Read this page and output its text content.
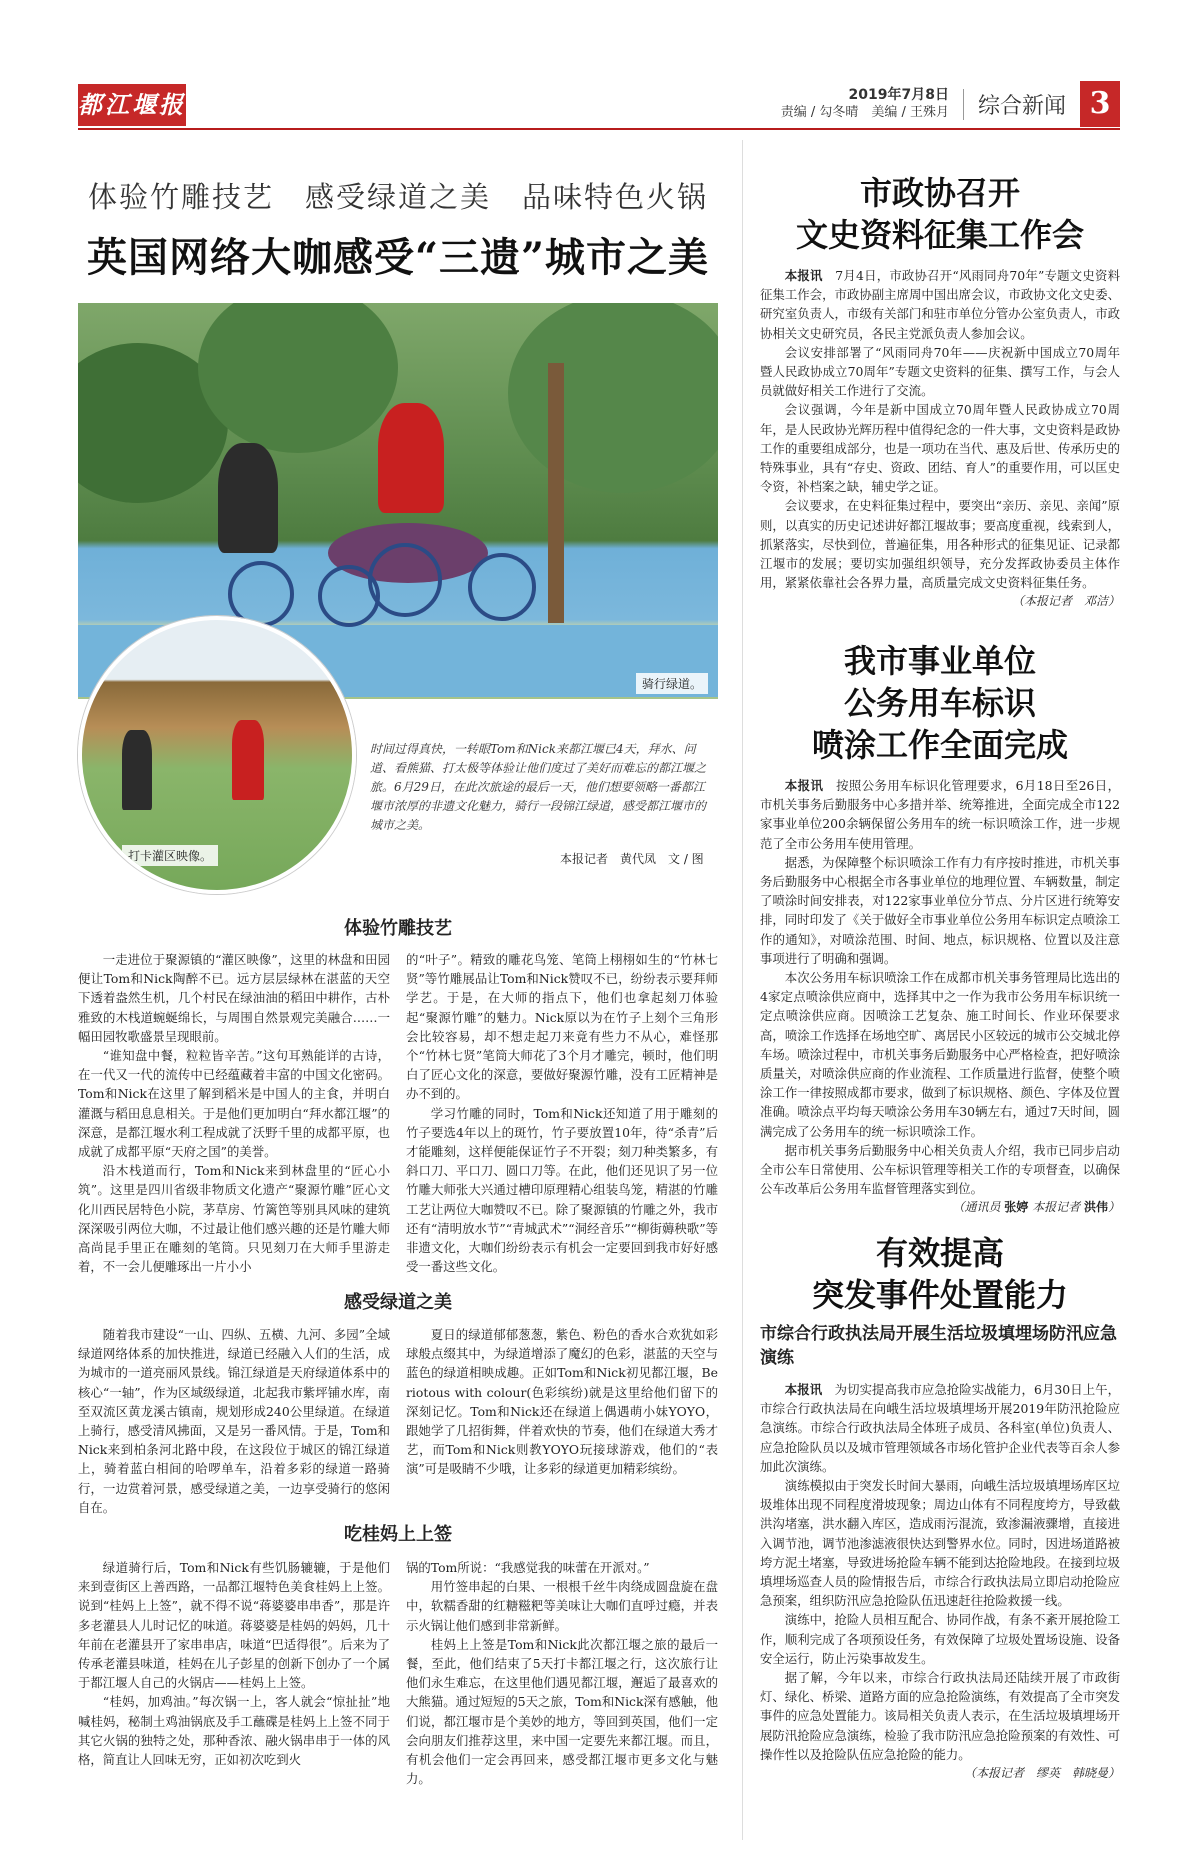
都江堰报	2019年7月8日
责编 / 勾冬晴　美编 / 王殊月	综合新闻 3
体验竹雕技艺　感受绿道之美　品味特色火锅
英国网络大咖感受“三遗”城市之美
骑行绿道。
打卡灌区映像。
时间过得真快，一转眼Tom和Nick来都江堰已4天，拜水、问道、看熊猫、打太极等体验让他们度过了美好而难忘的都江堰之旅。6月29日，在此次旅途的最后一天，他们想要领略一番都江堰市浓厚的非遗文化魅力，骑行一段锦江绿道，感受都江堰市的城市之美。
本报记者　黄代凤　文 / 图
体验竹雕技艺

一走进位于聚源镇的“灌区映像”，这里的林盘和田园便让Tom和Nick陶醉不已。远方层层绿林在湛蓝的天空下透着盎然生机，几个村民在绿油油的稻田中耕作，古朴雅致的木栈道蜿蜒绵长，与周围自然景观完美融合……一幅田园牧歌盛景呈现眼前。

“谁知盘中餐，粒粒皆辛苦。”这句耳熟能详的古诗，在一代又一代的流传中已经蕴藏着丰富的中国文化密码。Tom和Nick在这里了解到稻米是中国人的主食，并明白灌溉与稻田息息相关。于是他们更加明白“拜水都江堰”的深意，是都江堰水利工程成就了沃野千里的成都平原，也成就了成都平原“天府之国”的美誉。

沿木栈道而行，Tom和Nick来到林盘里的“匠心小筑”。这里是四川省级非物质文化遗产“聚源竹雕”匠心文化川西民居特色小院，茅草房、竹篱笆等别具风味的建筑深深吸引两位大咖，不过最让他们感兴趣的还是竹雕大师高尚昆手里正在雕刻的笔筒。只见刻刀在大师手里游走着，不一会儿便雕琢出一片小小

的“叶子”。精致的雕花鸟笼、笔筒上栩栩如生的“竹林七贤”等竹雕展品让Tom和Nick赞叹不已，纷纷表示要拜师学艺。于是，在大师的指点下，他们也拿起刻刀体验起“聚源竹雕”的魅力。Nick原以为在竹子上刻个三角形会比较容易，却不想走起刀来竟有些力不从心，难怪那个“竹林七贤”笔筒大师花了3个月才雕完，顿时，他们明白了匠心文化的深意，要做好聚源竹雕，没有工匠精神是办不到的。

学习竹雕的同时，Tom和Nick还知道了用于雕刻的竹子要选4年以上的斑竹，竹子要放置10年，待“杀青”后才能雕刻，这样便能保证竹子不开裂；刻刀种类繁多，有斜口刀、平口刀、圆口刀等。在此，他们还见识了另一位竹雕大师张大兴通过槽印原理精心组装鸟笼，精湛的竹雕工艺让两位大咖赞叹不已。除了聚源镇的竹雕之外，我市还有“清明放水节”“青城武术”“洞经音乐”“柳街薅秧歌”等非遗文化，大咖们纷纷表示有机会一定要回到我市好好感受一番这些文化。

感受绿道之美

随着我市建设“一山、四纵、五横、九河、多园”全域绿道网络体系的加快推进，绿道已经融入人们的生活，成为城市的一道亮丽风景线。锦江绿道是天府绿道体系中的核心“一轴”，作为区域级绿道，北起我市紫坪铺水库，南至双流区黄龙溪古镇南，规划形成240公里绿道。在绿道上骑行，感受清风拂面，又是另一番风情。于是，Tom和Nick来到柏条河北路中段，在这段位于城区的锦江绿道上，骑着蓝白相间的哈啰单车，沿着多彩的绿道一路骑行，一边赏着河景，感受绿道之美，一边享受骑行的悠闲自在。

夏日的绿道郁郁葱葱，紫色、粉色的香水合欢犹如彩球般点缀其中，为绿道增添了魔幻的色彩，湛蓝的天空与蓝色的绿道相映成趣。正如Tom和Nick初见都江堰，Be riotous with colour(色彩缤纷)就是这里给他们留下的深刻记忆。Tom和Nick还在绿道上偶遇萌小妹YOYO，跟她学了几招街舞，伴着欢快的节奏，他们在绿道大秀才艺，而Tom和Nick则教YOYO玩接球游戏，他们的“表演”可是吸睛不少哦，让多彩的绿道更加精彩缤纷。

吃桂妈上上签

绿道骑行后，Tom和Nick有些饥肠辘辘，于是他们来到壹街区上善西路，一品都江堰特色美食桂妈上上签。说到“桂妈上上签”，就不得不说“蒋婆婆串串香”，那是许多老灌县人儿时记忆的味道。蒋婆婆是桂妈的妈妈，几十年前在老灌县开了家串串店，味道“巴适得很”。后来为了传承老灌县味道，桂妈在儿子彭星的创新下创办了一个属于都江堰人自己的火锅店——桂妈上上签。

“桂妈，加鸡油。”每次锅一上，客人就会“惊扯扯”地喊桂妈，秘制土鸡油锅底及手工蘸碟是桂妈上上签不同于其它火锅的独特之处，那种香浓、融火锅串串于一体的风格，简直让人回味无穷，正如初次吃到火

锅的Tom所说：“我感觉我的味蕾在开派对。”

用竹签串起的白果、一根根千丝牛肉绕成圆盘旋在盘中，软糯香甜的红糖糍粑等美味让大咖们直呼过瘾，并表示火锅让他们感到非常新鲜。

桂妈上上签是Tom和Nick此次都江堰之旅的最后一餐，至此，他们结束了5天打卡都江堰之行，这次旅行让他们永生难忘，在这里他们遇见都江堰，邂逅了最喜欢的大熊猫。通过短短的5天之旅，Tom和Nick深有感触，他们说，都江堰市是个美妙的地方，等回到英国，他们一定会向朋友们推荐这里，来中国一定要先来都江堰。而且，有机会他们一定会再回来，感受都江堰市更多文化与魅力。

市政协召开
文史资料征集工作会

本报讯　 7月4日，市政协召开“风雨同舟70年”专题文史资料征集工作会，市政协副主席周中国出席会议，市政协文化文史委、研究室负责人，市级有关部门和驻市单位分管办公室负责人，市政协相关文史研究员，各民主党派负责人参加会议。

会议安排部署了“风雨同舟70年——庆祝新中国成立70周年暨人民政协成立70周年”专题文史资料的征集、撰写工作，与会人员就做好相关工作进行了交流。

会议强调，今年是新中国成立70周年暨人民政协成立70周年，是人民政协光辉历程中值得纪念的一件大事，文史资料是政协工作的重要组成部分，也是一项功在当代、惠及后世、传承历史的特殊事业，具有“存史、资政、团结、育人”的重要作用，可以匡史令资，补档案之缺，辅史学之证。

会议要求，在史料征集过程中，要突出“亲历、亲见、亲闻”原则，以真实的历史记述讲好都江堰故事；要高度重视，线索到人，抓紧落实，尽快到位，普遍征集，用各种形式的征集见证、记录都江堰市的发展；要切实加强组织领导，充分发挥政协委员主体作用，紧紧依靠社会各界力量，高质量完成文史资料征集任务。

（本报记者　邓洁）
我市事业单位
公务用车标识
喷涂工作全面完成

本报讯　 按照公务用车标识化管理要求，6月18日至26日，市机关事务后勤服务中心多措并举、统筹推进，全面完成全市122家事业单位200余辆保留公务用车的统一标识喷涂工作，进一步规范了全市公务用车使用管理。

据悉，为保障整个标识喷涂工作有力有序按时推进，市机关事务后勤服务中心根据全市各事业单位的地理位置、车辆数量，制定了喷涂时间安排表，对122家事业单位分节点、分片区进行统筹安排，同时印发了《关于做好全市事业单位公务用车标识定点喷涂工作的通知》，对喷涂范围、时间、地点，标识规格、位置以及注意事项进行了明确和强调。

本次公务用车标识喷涂工作在成都市机关事务管理局比选出的4家定点喷涂供应商中，选择其中之一作为我市公务用车标识统一定点喷涂供应商。因喷涂工艺复杂、施工时间长、作业环保要求高，喷涂工作选择在场地空旷、离居民小区较远的城市公交城北停车场。喷涂过程中，市机关事务后勤服务中心严格检查，把好喷涂质量关，对喷涂供应商的作业流程、工作质量进行监督，使整个喷涂工作一律按照成都市要求，做到了标识规格、颜色、字体及位置准确。喷涂点平均每天喷涂公务用车30辆左右，通过7天时间，圆满完成了公务用车的统一标识喷涂工作。

据市机关事务后勤服务中心相关负责人介绍，我市已同步启动全市公车日常使用、公车标识管理等相关工作的专项督查，以确保公车改革后公务用车监督管理落实到位。

（通讯员 张婷 本报记者 洪伟）
有效提高
突发事件处置能力
市综合行政执法局开展生活垃圾填埋场防汛应急演练

本报讯　 为切实提高我市应急抢险实战能力，6月30日上午，市综合行政执法局在向峨生活垃圾填埋场开展2019年防汛抢险应急演练。市综合行政执法局全体班子成员、各科室(单位)负责人、应急抢险队员以及城市管理领域各市场化管护企业代表等百余人参加此次演练。

演练模拟由于突发长时间大暴雨，向峨生活垃圾填埋场库区垃圾堆体出现不同程度滑坡现象；周边山体有不同程度垮方，导致截洪沟堵塞，洪水翻入库区，造成雨污混流，致渗漏液骤增，直接进入调节池，调节池渗滤液很快达到警界水位。同时，因进场道路被垮方泥土堵塞，导致进场抢险车辆不能到达抢险地段。在接到垃圾填埋场巡查人员的险情报告后，市综合行政执法局立即启动抢险应急预案，组织防汛应急抢险队伍迅速赶往抢险救援一线。

演练中，抢险人员相互配合、协同作战，有条不紊开展抢险工作，顺利完成了各项预设任务，有效保障了垃圾处置场设施、设备安全运行，防止污染事故发生。

据了解，今年以来，市综合行政执法局还陆续开展了市政街灯、绿化、桥梁、道路方面的应急抢险演练，有效提高了全市突发事件的应急处置能力。该局相关负责人表示，在生活垃圾填埋场开展防汛抢险应急演练，检验了我市防汛应急抢险预案的有效性、可操作性以及抢险队伍应急抢险的能力。

（本报记者　缪英　韩晓曼）
